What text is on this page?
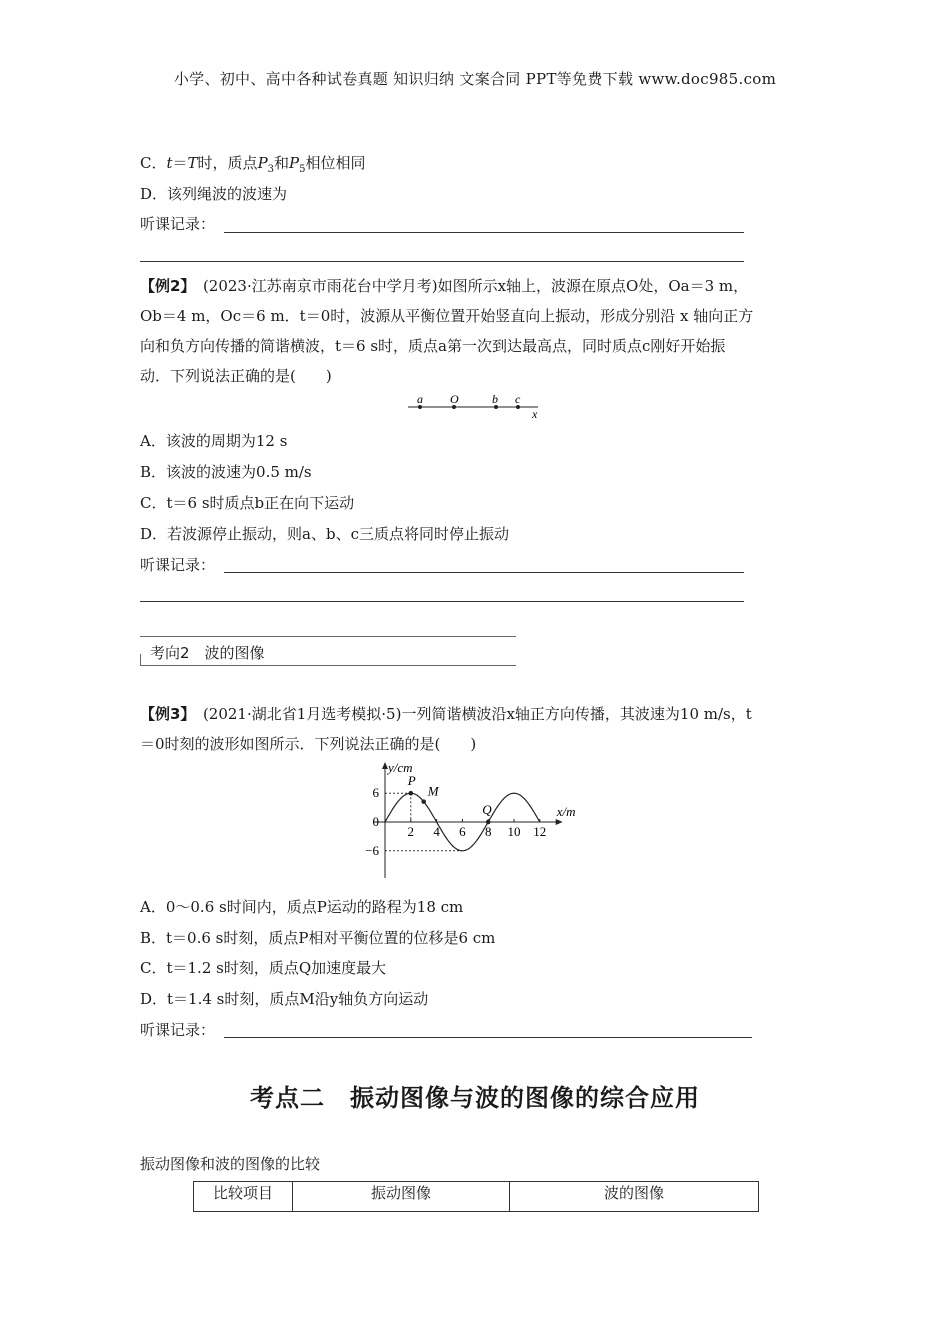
小学、初中、高中各种试卷真题 知识归纳 文案合同 PPT等免费下载 www.doc985.com
C．t＝T时，质点$P_3$和$P_5$相位相同
D．该列绳波的波速为
听课记录：
【例2】　 (2023·江苏南京市雨花台中学月考)如图所示x轴上，波源在原点O处，Oa＝3 m，
Ob＝4 m，Oc＝6 m．t＝0时，波源从平衡位置开始竖直向上振动，形成分别沿 x 轴向正方
向和负方向传播的简谐横波，t＝6 s时，质点a第一次到达最高点，同时质点c刚好开始振
动．下列说法正确的是(　　)
a O	b c
x
A．该波的周期为12 s
B．该波的波速为0.5 m/s
C．t＝6 s时质点b正在向下运动
D．若波源停止振动，则a、b、c三质点将同时停止振动
听课记录：
考向2　波的图像
【例3】　 (2021·湖北省1月选考模拟·5)一列简谐横波沿x轴正方向传播，其波速为10 m/s，t
＝0时刻的波形如图所示．下列说法正确的是(　　)
y/cm
x/m
6
0
−6
2 4 6 8 10 12
P
M
Q
A．0～0.6 s时间内，质点P运动的路程为18 cm
B．t＝0.6 s时刻，质点P相对平衡位置的位移是6 cm
C．t＝1.2 s时刻，质点Q加速度最大
D．t＝1.4 s时刻，质点M沿y轴负方向运动
听课记录：
考点二　振动图像与波的图像的综合应用
振动图像和波的图像的比较
比较项目	振动图像	波的图像
